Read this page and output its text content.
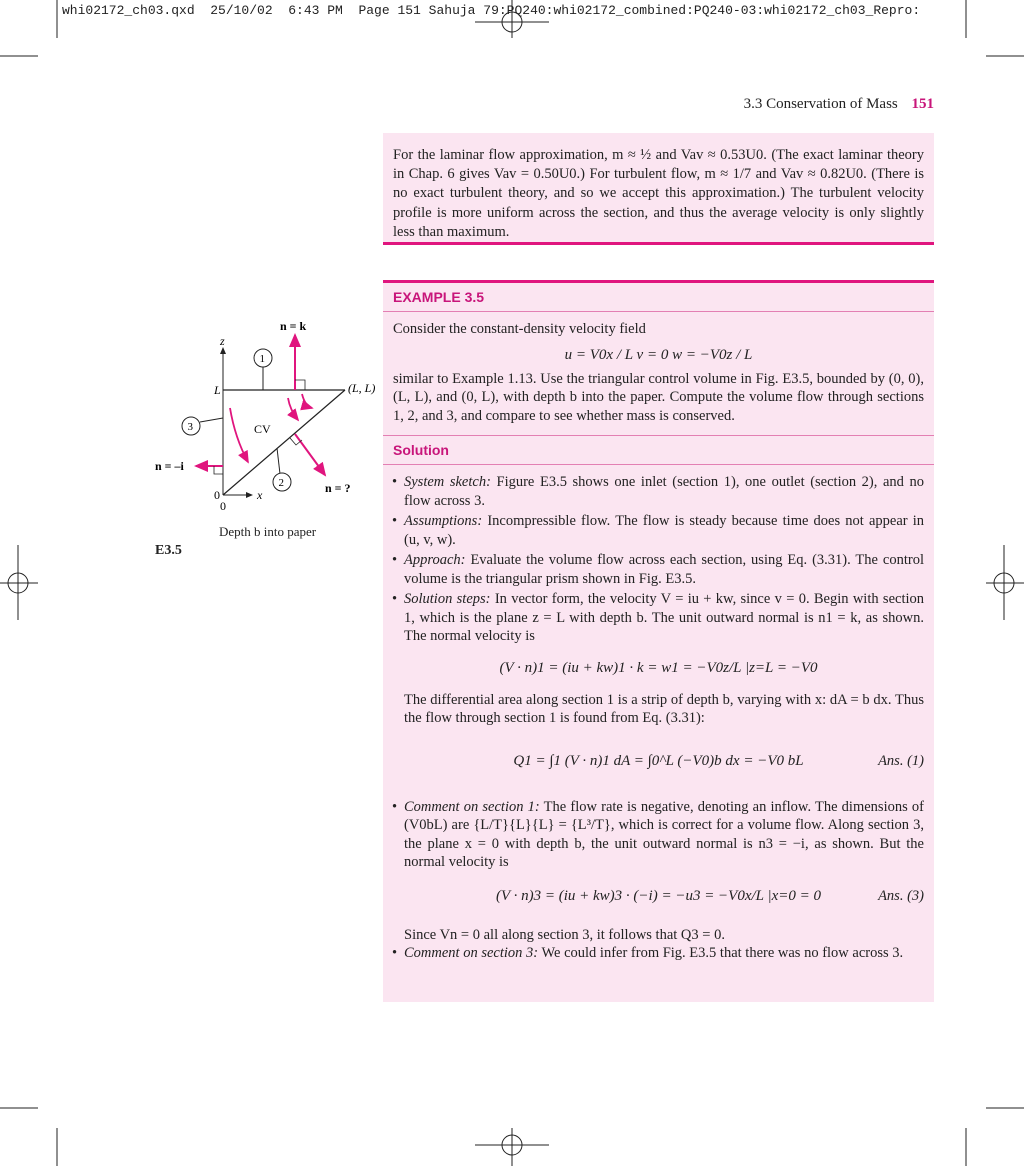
whi02172_ch03.qxd  25/10/02  6:43 PM  Page 151 Sahuja 79:PQ240:whi02172_combined:PQ240-03:whi02172_ch03_Repro:
3.3 Conservation of Mass 151
For the laminar flow approximation, m ≈ ½ and Vav ≈ 0.53U0. (The exact laminar theory in Chap. 6 gives Vav = 0.50U0.) For turbulent flow, m ≈ 1/7 and Vav ≈ 0.82U0. (There is no exact turbulent theory, and so we accept this approximation.) The turbulent velocity profile is more uniform across the section, and thus the average velocity is only slightly less than maximum.
EXAMPLE 3.5
Consider the constant-density velocity field
u = V0x / L v = 0 w = −V0z / L
similar to Example 1.13. Use the triangular control volume in Fig. E3.5, bounded by (0, 0), (L, L), and (0, L), with depth b into the paper. Compute the volume flow through sections 1, 2, and 3, and compare to see whether mass is conserved.
Solution
• System sketch: Figure E3.5 shows one inlet (section 1), one outlet (section 2), and no flow across 3.
• Assumptions: Incompressible flow. The flow is steady because time does not appear in (u, v, w).
• Approach: Evaluate the volume flow across each section, using Eq. (3.31). The control volume is the triangular prism shown in Fig. E3.5.
• Solution steps: In vector form, the velocity V = iu + kw, since v = 0. Begin with section 1, which is the plane z = L with depth b. The unit outward normal is n1 = k, as shown. The normal velocity is
(V · n)1 = (iu + kw)1 · k = w1 = −V0z/L |z=L = −V0
The differential area along section 1 is a strip of depth b, varying with x: dA = b dx. Thus the flow through section 1 is found from Eq. (3.31):
Q1 = ∫1 (V · n)1 dA = ∫0^L (−V0)b dx = −V0 bL	Ans. (1)
• Comment on section 1: The flow rate is negative, denoting an inflow. The dimensions of (V0bL) are {L/T}{L}{L} = {L³/T}, which is correct for a volume flow. Along section 3, the plane x = 0 with depth b, the unit outward normal is n3 = −i, as shown. But the normal velocity is
(V · n)3 = (iu + kw)3 · (−i) = −u3 = −V0x/L |x=0 = 0	Ans. (3)
Since Vn = 0 all along section 3, it follows that Q3 = 0.
• Comment on section 3: We could infer from Fig. E3.5 that there was no flow across 3.
z
x
L	(L, L)
0
0
CV
1
3
2
n = k
n = –i
n = ?
Depth b into paper
E3.5
